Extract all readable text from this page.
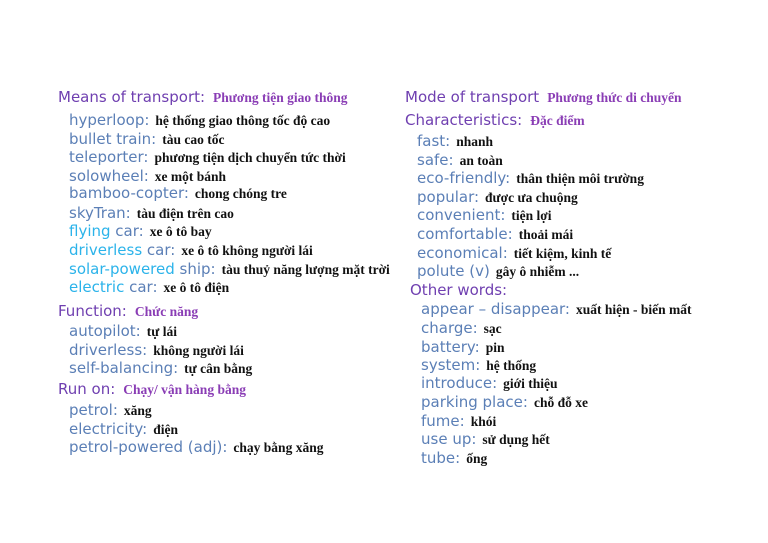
Means of transport: Phương tiện giao thông
hyperloop: hệ thống giao thông tốc độ cao
bullet train: tàu cao tốc
teleporter: phương tiện dịch chuyển tức thời
solowheel: xe một bánh
bamboo-copter: chong chóng tre
skyTran: tàu điện trên cao
flying car: xe ô tô bay
driverless car: xe ô tô không người lái
solar-powered ship: tàu thuỷ năng lượng mặt trời
electric car: xe ô tô điện
Function: Chức năng
autopilot: tự lái
driverless: không người lái
self-balancing: tự cân bằng
Run on: Chạy/ vận hàng bằng
petrol: xăng
electricity: điện
petrol-powered (adj): chạy bằng xăng
Mode of transport Phương thức di chuyển
Characteristics: Đặc điểm
fast: nhanh
safe: an toàn
eco-friendly: thân thiện môi trường
popular: được ưa chuộng
convenient: tiện lợi
comfortable: thoải mái
economical: tiết kiệm, kinh tế
polute (v) gây ô nhiễm ...
Other words:
appear – disappear: xuất hiện - biến mất
charge: sạc
battery: pin
system: hệ thống
introduce: giới thiệu
parking place: chỗ đỗ xe
fume: khói
use up: sử dụng hết
tube: ống
